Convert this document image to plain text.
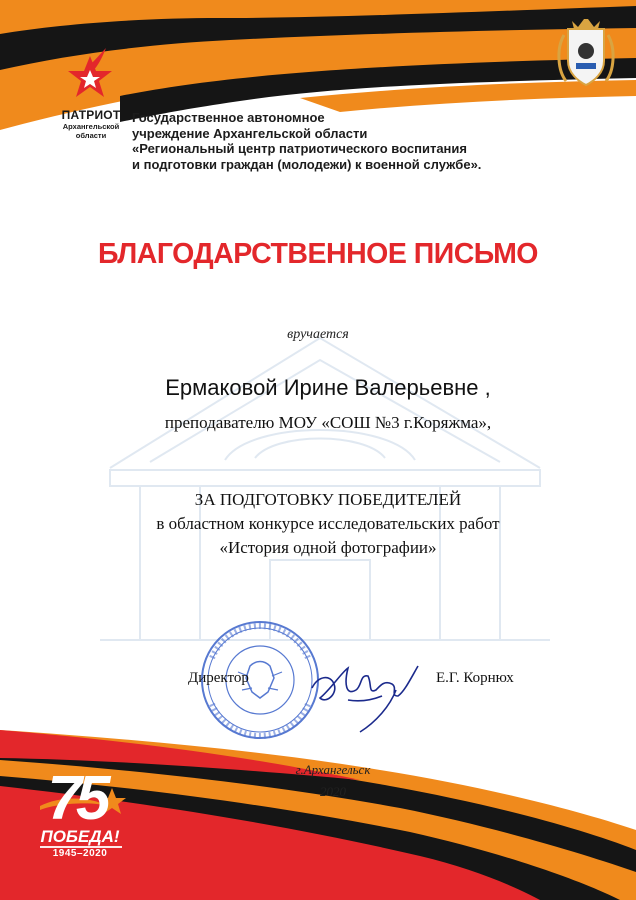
ПАТРИОТ
Архангельской
области
Государственное автономное
учреждение Архангельской области
«Региональный центр патриотического воспитания
и подготовки граждан (молодежи) к военной службе».
БЛАГОДАРСТВЕННОЕ ПИСЬМО
вручается
Ермаковой Ирине Валерьевне ,
преподавателю МОУ «СОШ №3 г.Коряжма»,
ЗА ПОДГОТОВКУ ПОБЕДИТЕЛЕЙ
в областном конкурсе исследовательских работ
«История одной фотографии»
Директор	Е.Г. Корнюх
г.Архангельск
2020
75
ПОБЕДА!
1945–2020
